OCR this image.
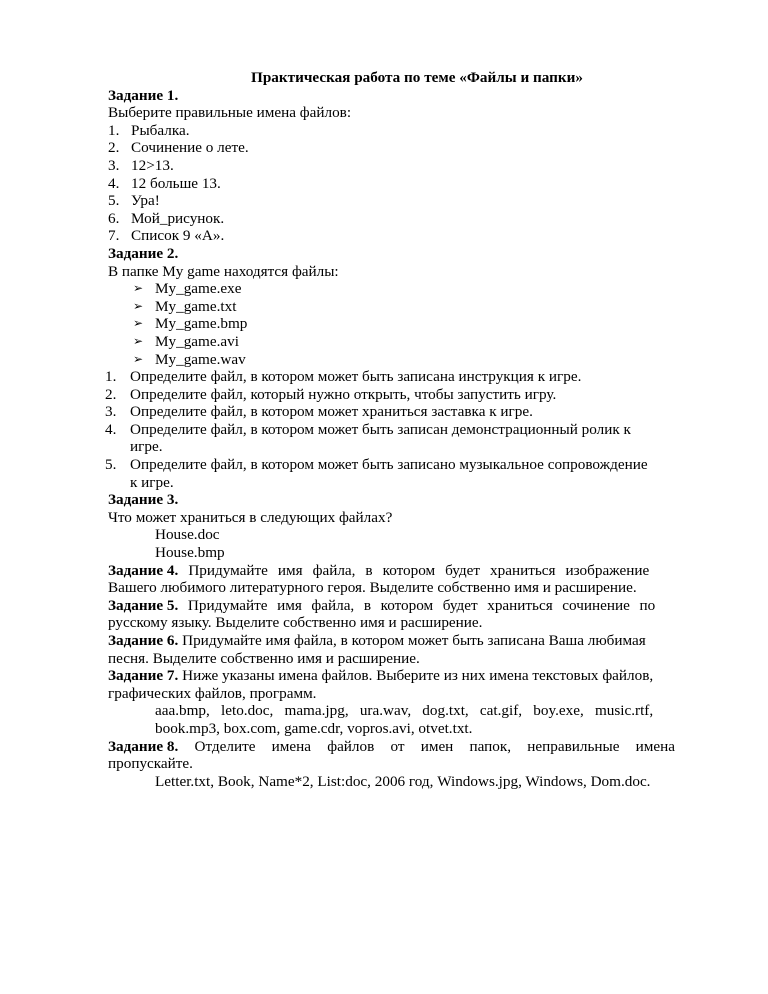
Практическая работа по теме «Файлы и папки»
Задание 1.
Выберите правильные имена файлов:
1. Рыбалка.
2. Сочинение о лете.
3. 12>13.
4. 12 больше 13.
5. Ура!
6. Мой_рисунок.
7. Список 9 «А».
Задание 2.
В папке My game находятся файлы:
➢ My_game.exe
➢ My_game.txt
➢ My_game.bmp
➢ My_game.avi
➢ My_game.wav
1. Определите файл, в котором может быть записана инструкция к игре.
2. Определите файл, который нужно открыть, чтобы запустить игру.
3. Определите файл, в котором может храниться заставка к игре.
4. Определите файл, в котором может быть записан демонстрационный ролик к
игре.
5. Определите файл, в котором может быть записано музыкальное сопровождение
к игре.
Задание 3.
Что может храниться в следующих файлах?
House.doc
House.bmp
Задание 4. Придумайте имя файла, в котором будет храниться изображение
Вашего любимого литературного героя. Выделите собственно имя и расширение.
Задание 5. Придумайте имя файла, в котором будет храниться сочинение по
русскому языку. Выделите собственно имя и расширение.
Задание 6. Придумайте имя файла, в котором может быть записана Ваша любимая
песня. Выделите собственно имя и расширение.
Задание 7. Ниже указаны имена файлов. Выберите из них имена текстовых файлов,
графических файлов, программ.
aaa.bmp, leto.doc, mama.jpg, ura.wav, dog.txt, cat.gif, boy.exe, music.rtf,
book.mp3, box.com, game.cdr, vopros.avi, otvet.txt.
Задание 8. Отделите имена файлов от имен папок, неправильные имена
пропускайте.
Letter.txt, Book, Name*2, List:doc, 2006 год, Windows.jpg, Windows, Dom.doc.
